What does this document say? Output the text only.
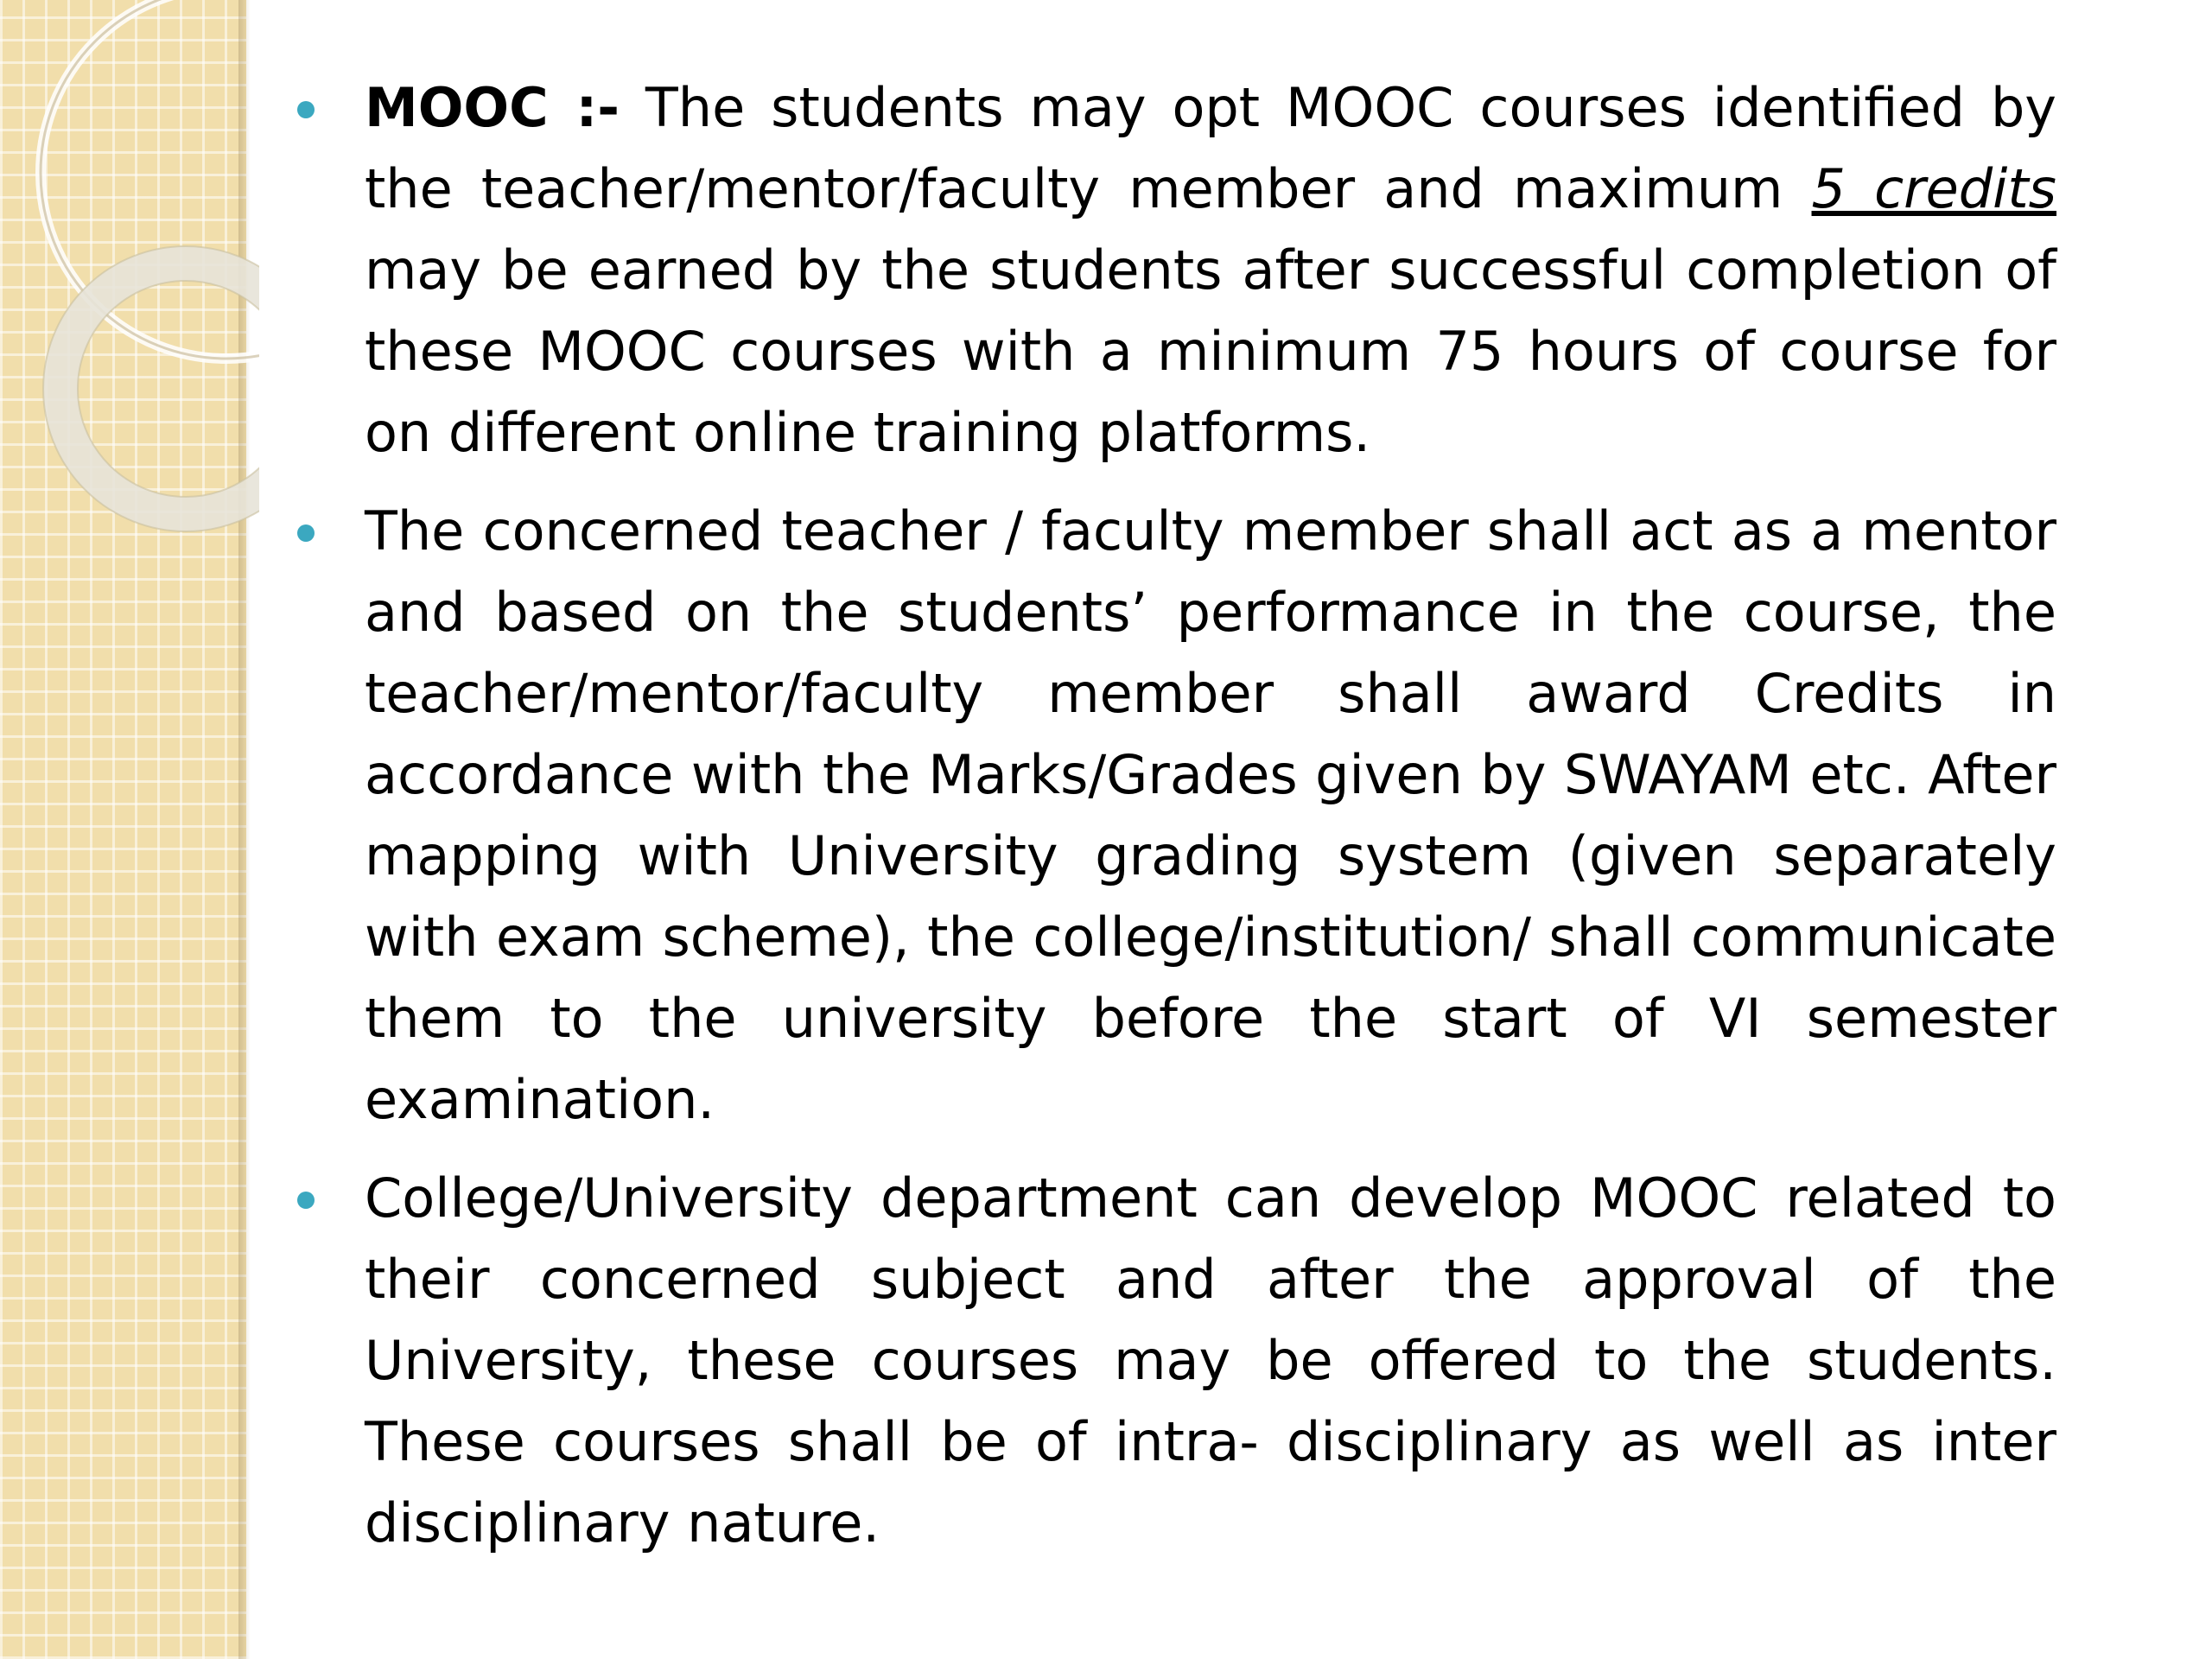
MOOC :- The students may opt MOOC courses identified by the teacher/mentor/faculty member and maximum 5 credits may be earned by the students after successful completion of these MOOC courses with a minimum 75 hours of course for on different online training platforms.
The concerned teacher / faculty member shall act as a mentor and based on the students’ performance in the course, the teacher/mentor/faculty member shall award Credits in accordance with the Marks/Grades given by SWAYAM etc. After mapping with University grading system (given separately with exam scheme), the college/institution/ shall communicate them to the university before the start of VI semester examination.
College/University department can develop MOOC related to their concerned subject and after the approval of the University, these courses may be offered to the students. These courses shall be of intra- disciplinary as well as inter disciplinary nature.
